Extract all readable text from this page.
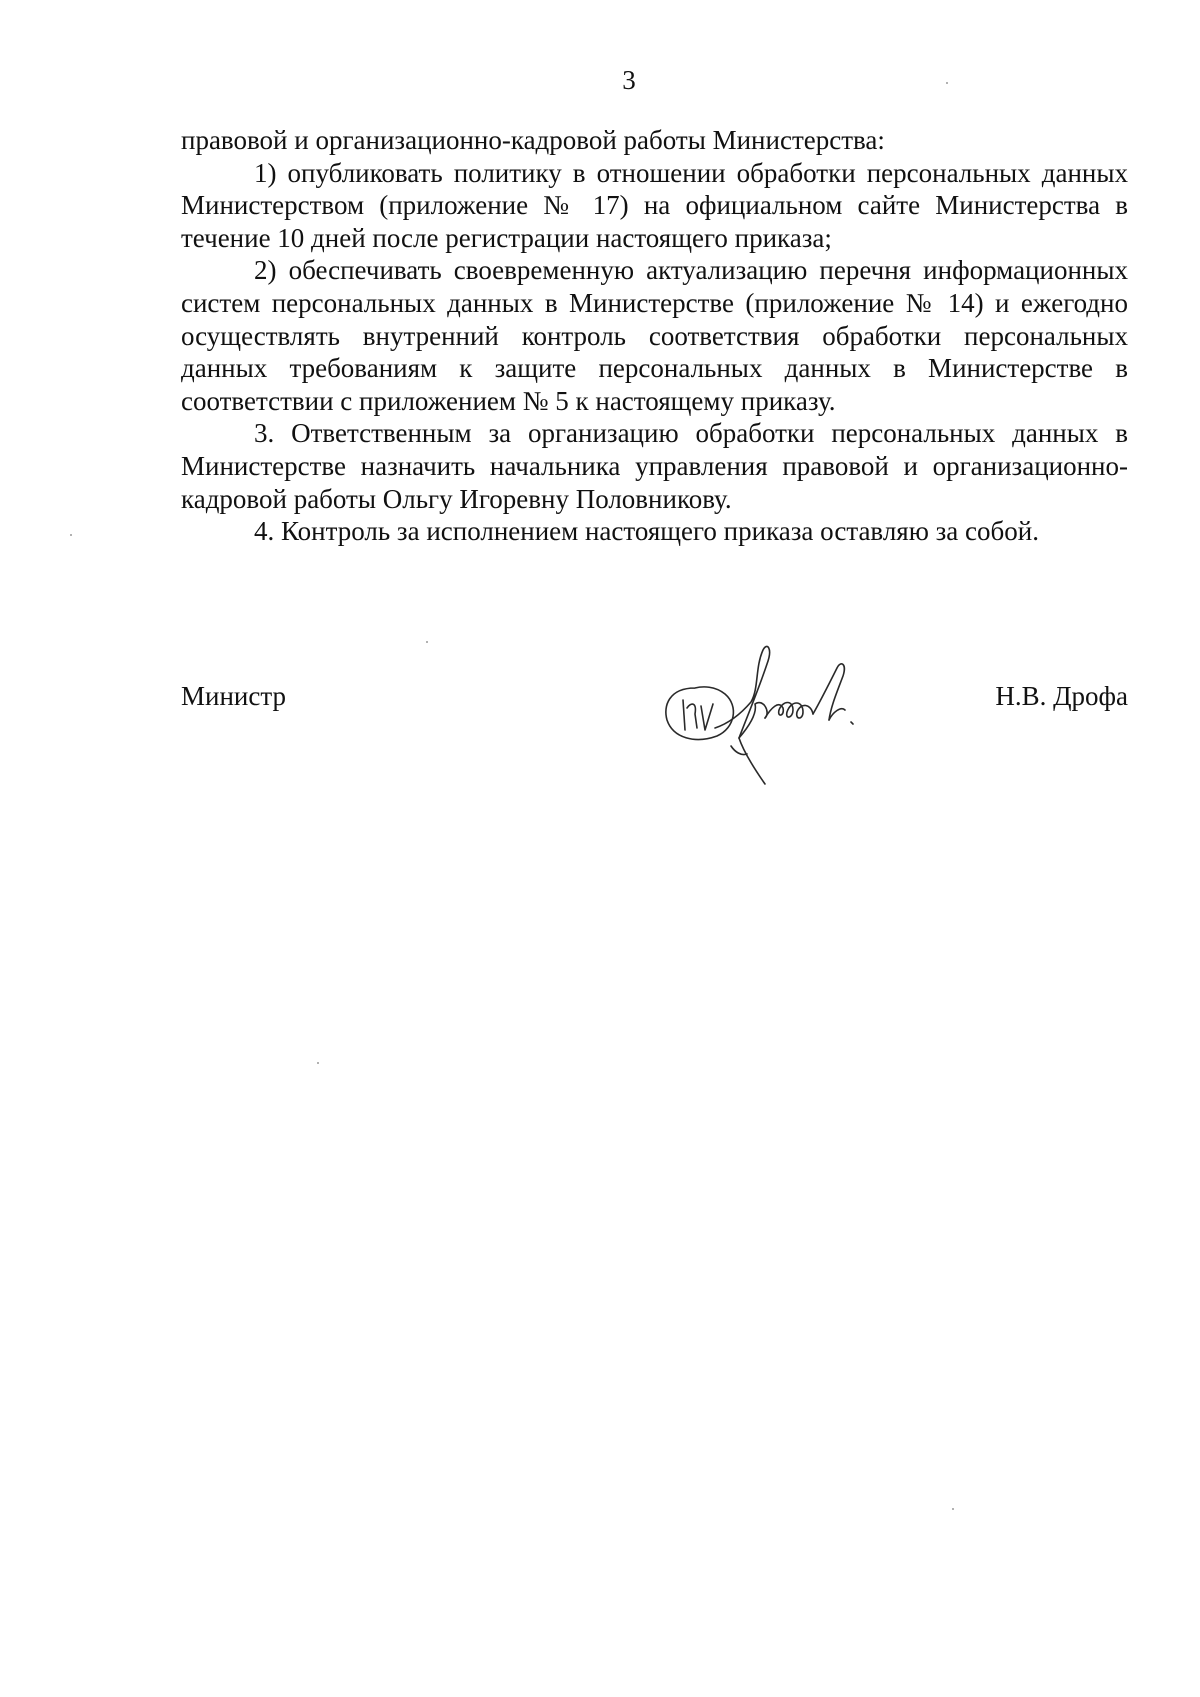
3

правовой и организационно-кадровой работы Министерства:

1) опубликовать политику в отношении обработки персональных данных Министерством (приложение № 17) на официальном сайте Министерства в течение 10 дней после регистрации настоящего приказа;

2) обеспечивать своевременную актуализацию перечня информационных систем персональных данных в Министерстве (приложение № 14) и ежегодно осуществлять внутренний контроль соответствия обработки персональных данных требованиям к защите персональных данных в Министерстве в соответствии с приложением № 5 к настоящему приказу.

3. Ответственным за организацию обработки персональных данных в Министерстве назначить начальника управления правовой и организационно-кадровой работы Ольгу Игоревну Половникову.

4. Контроль за исполнением настоящего приказа оставляю за собой.

Министр	Н.В. Дрофа
